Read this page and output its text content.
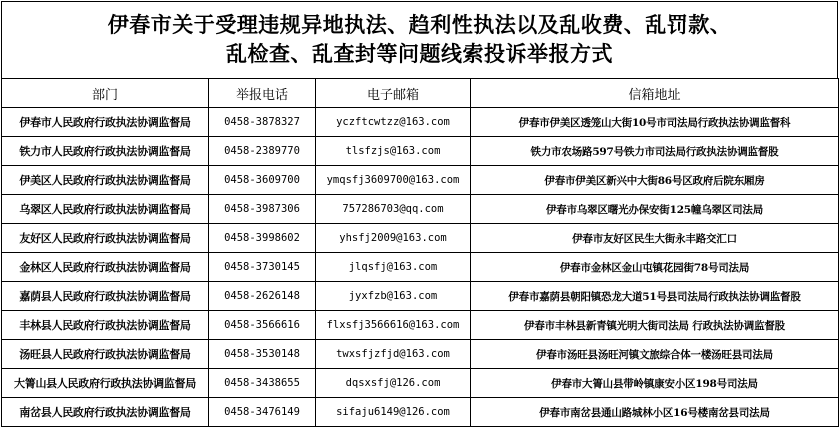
伊春市关于受理违规异地执法、趋利性执法以及乱收费、乱罚款、
乱检查、乱查封等问题线索投诉举报方式
部门	举报电话	电子邮箱	信箱地址
伊春市人民政府行政执法协调监督局	0458-3878327	yczftcwtzz@163.com	伊春市伊美区透笼山大街10号市司法局行政执法协调监督科
铁力市人民政府行政执法协调监督局	0458-2389770	tlsfzjs@163.com	铁力市农场路597号铁力市司法局行政执法协调监督股
伊美区人民政府行政执法协调监督局	0458-3609700	ymqsfj3609700@163.com	伊春市伊美区新兴中大街86号区政府后院东厢房
乌翠区人民政府行政执法协调监督局	0458-3987306	757286703@qq.com	伊春市乌翠区曙光办保安街125幢乌翠区司法局
友好区人民政府行政执法协调监督局	0458-3998602	yhsfj2009@163.com	伊春市友好区民生大街永丰路交汇口
金林区人民政府行政执法协调监督局	0458-3730145	jlqsfj@163.com	伊春市金林区金山屯镇花园街78号司法局
嘉荫县人民政府行政执法协调监督局	0458-2626148	jyxfzb@163.com	伊春市嘉荫县朝阳镇恐龙大道51号县司法局行政执法协调监督股
丰林县人民政府行政执法协调监督局	0458-3566616	flxsfj3566616@163.com	伊春市丰林县新青镇光明大街司法局 行政执法协调监督股
汤旺县人民政府行政执法协调监督局	0458-3530148	twxsfjzfjd@163.com	伊春市汤旺县汤旺河镇文旅综合体一楼汤旺县司法局
大箐山县人民政府行政执法协调监督局	0458-3438655	dqsxsfj@126.com	伊春市大箐山县带岭镇康安小区198号司法局
南岔县人民政府行政执法协调监督局	0458-3476149	sifaju6149@126.com	伊春市南岔县通山路城林小区16号楼南岔县司法局
